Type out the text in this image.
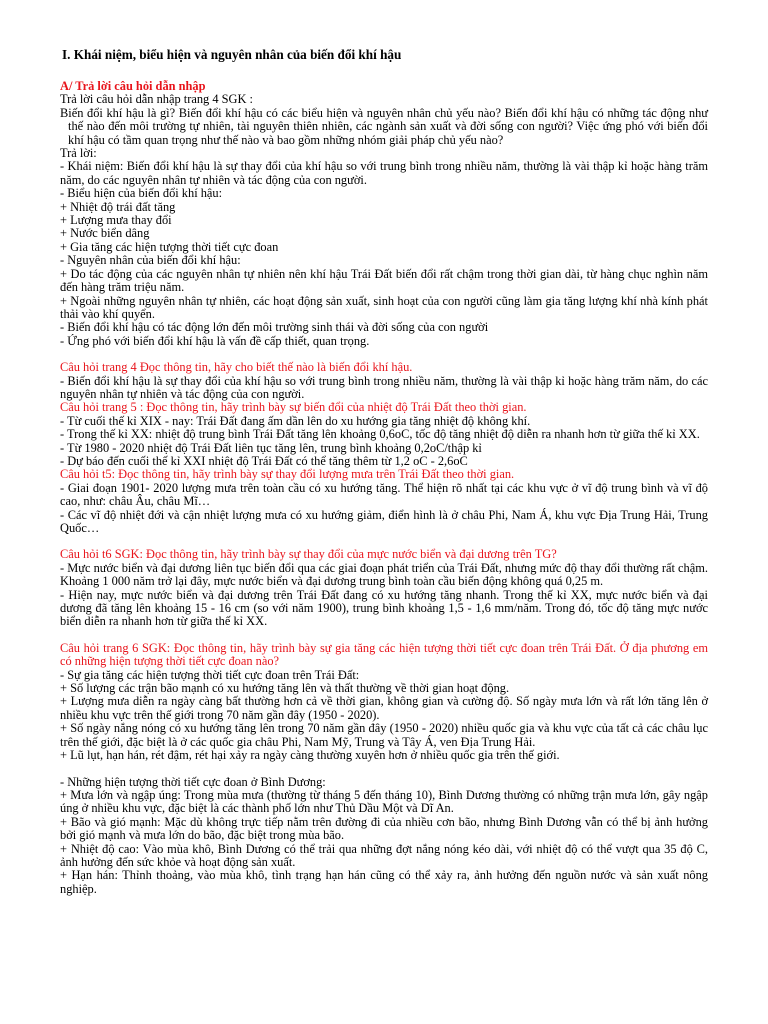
I. Khái niệm, biểu hiện và nguyên nhân của biến đổi khí hậu
A/ Trả lời câu hỏi dẫn nhập
Trả lời câu hỏi dẫn nhập trang 4 SGK :
Biến đổi khí hậu là gì? Biến đổi khí hậu có các biểu hiện và nguyên nhân chủ yếu nào? Biến đổi khí hậu có những tác động như thế nào đến môi trường tự nhiên, tài nguyên thiên nhiên, các ngành sản xuất và đời sống con người? Việc ứng phó với biến đổi khí hậu có tầm quan trọng như thế nào và bao gồm những nhóm giải pháp chủ yếu nào?
Trả lời:
- Khái niệm: Biến đổi khí hậu là sự thay đổi của khí hậu so với trung bình trong nhiều năm, thường là vài thập kỉ hoặc hàng trăm năm, do các nguyên nhân tự nhiên và tác động của con người.
- Biểu hiện của biến đổi khí hậu:
+ Nhiệt độ trái đất tăng
+ Lượng mưa thay đổi
+ Nước biển dâng
+ Gia tăng các hiện tượng thời tiết cực đoan
- Nguyên nhân của biến đổi khí hậu:
+ Do tác động của các nguyên nhân tự nhiên nên khí hậu Trái Đất biến đổi rất chậm trong thời gian dài, từ hàng chục nghìn năm đến hàng trăm triệu năm.
+ Ngoài những nguyên nhân tự nhiên, các hoạt động sản xuất, sinh hoạt của con người cũng làm gia tăng lượng khí nhà kính phát thải vào khí quyển.
- Biến đổi khí hậu có tác động lớn đến môi trường sinh thái và đời sống của con người
- Ứng phó với biến đổi khí hậu là vấn đề cấp thiết, quan trọng.
Câu hỏi trang 4 Đọc thông tin, hãy cho biết thế nào là biến đổi khí hậu.
- Biến đổi khí hậu là sự thay đổi của khí hậu so với trung bình trong nhiều năm, thường là vài thập kỉ hoặc hàng trăm năm, do các nguyên nhân tự nhiên và tác động của con người.
Câu hỏi trang 5 : Đọc thông tin, hãy trình bày sự biến đổi của nhiệt độ Trái Đất theo thời gian.
- Từ cuối thế kỉ XIX - nay: Trái Đất đang ấm dần lên do xu hướng gia tăng nhiệt độ không khí.
- Trong thế kỉ XX: nhiệt độ trung bình Trái Đất tăng lên khoảng 0,6oC, tốc độ tăng nhiệt độ diễn ra nhanh hơn từ giữa thế kỉ XX.
- Từ 1980 - 2020 nhiệt độ Trái Đất liên tục tăng lên, trung bình khoảng 0,2oC/thập kỉ
- Dự báo đến cuối thế kỉ XXI nhiệt độ Trái Đất có thể tăng thêm từ 1,2 oC - 2,6oC
Câu hỏi t5: Đọc thông tin, hãy trình bày sự thay đổi lượng mưa trên Trái Đất theo thời gian.
- Giai đoạn 1901- 2020 lượng mưa trên toàn cầu có xu hướng tăng. Thể hiện rõ nhất tại các khu vực ở vĩ độ trung bình và vĩ độ cao, như: châu Âu, châu Mĩ…
- Các vĩ độ nhiệt đới và cận nhiệt lượng mưa có xu hướng giảm, điển hình là ở châu Phi, Nam Á, khu vực Địa Trung Hải, Trung Quốc…
Câu hỏi t6 SGK: Đọc thông tin, hãy trình bày sự thay đổi của mực nước biển và đại dương trên TG?
- Mực nước biển và đại dương liên tục biến đổi qua các giai đoạn phát triển của Trái Đất, nhưng mức độ thay đổi thường rất chậm. Khoảng 1 000 năm trở lại đây, mực nước biển và đại dương trung bình toàn cầu biến động không quá 0,25 m.
- Hiện nay, mực nước biển và đại dương trên Trái Đất đang có xu hướng tăng nhanh. Trong thế kỉ XX, mực nước biển và đại dương đã tăng lên khoảng 15 - 16 cm (so với năm 1900), trung bình khoảng 1,5 - 1,6 mm/năm. Trong đó, tốc độ tăng mực nước biển diễn ra nhanh hơn từ giữa thế kỉ XX.
Câu hỏi trang 6 SGK: Đọc thông tin, hãy trình bày sự gia tăng các hiện tượng thời tiết cực đoan trên Trái Đất. Ở địa phương em có những hiện tượng thời tiết cực đoan nào?
- Sự gia tăng các hiện tượng thời tiết cực đoan trên Trái Đất:
+ Số lượng các trận bão mạnh có xu hướng tăng lên và thất thường về thời gian hoạt động.
+ Lượng mưa diễn ra ngày càng bất thường hơn cả về thời gian, không gian và cường độ. Số ngày mưa lớn và rất lớn tăng lên ở nhiều khu vực trên thế giới trong 70 năm gần đây (1950 - 2020).
+ Số ngày nắng nóng có xu hướng tăng lên trong 70 năm gần đây (1950 - 2020) nhiều quốc gia và khu vực của tất cả các châu lục trên thế giới, đặc biệt là ở các quốc gia châu Phi, Nam Mỹ, Trung và Tây Á, ven Địa Trung Hải.
+ Lũ lụt, hạn hán, rét đậm, rét hại xảy ra ngày càng thường xuyên hơn ở nhiều quốc gia trên thế giới.
- Những hiện tượng thời tiết cực đoan ở Bình Dương:
+ Mưa lớn và ngập úng: Trong mùa mưa (thường từ tháng 5 đến tháng 10), Bình Dương thường có những trận mưa lớn, gây ngập úng ở nhiều khu vực, đặc biệt là các thành phố lớn như Thủ Dầu Một và Dĩ An.
+ Bão và gió mạnh: Mặc dù không trực tiếp nằm trên đường đi của nhiều cơn bão, nhưng Bình Dương vẫn có thể bị ảnh hưởng bởi gió mạnh và mưa lớn do bão, đặc biệt trong mùa bão.
+ Nhiệt độ cao: Vào mùa khô, Bình Dương có thể trải qua những đợt nắng nóng kéo dài, với nhiệt độ có thể vượt qua 35 độ C, ảnh hưởng đến sức khỏe và hoạt động sản xuất.
+ Hạn hán: Thỉnh thoảng, vào mùa khô, tình trạng hạn hán cũng có thể xảy ra, ảnh hưởng đến nguồn nước và sản xuất nông nghiệp.
